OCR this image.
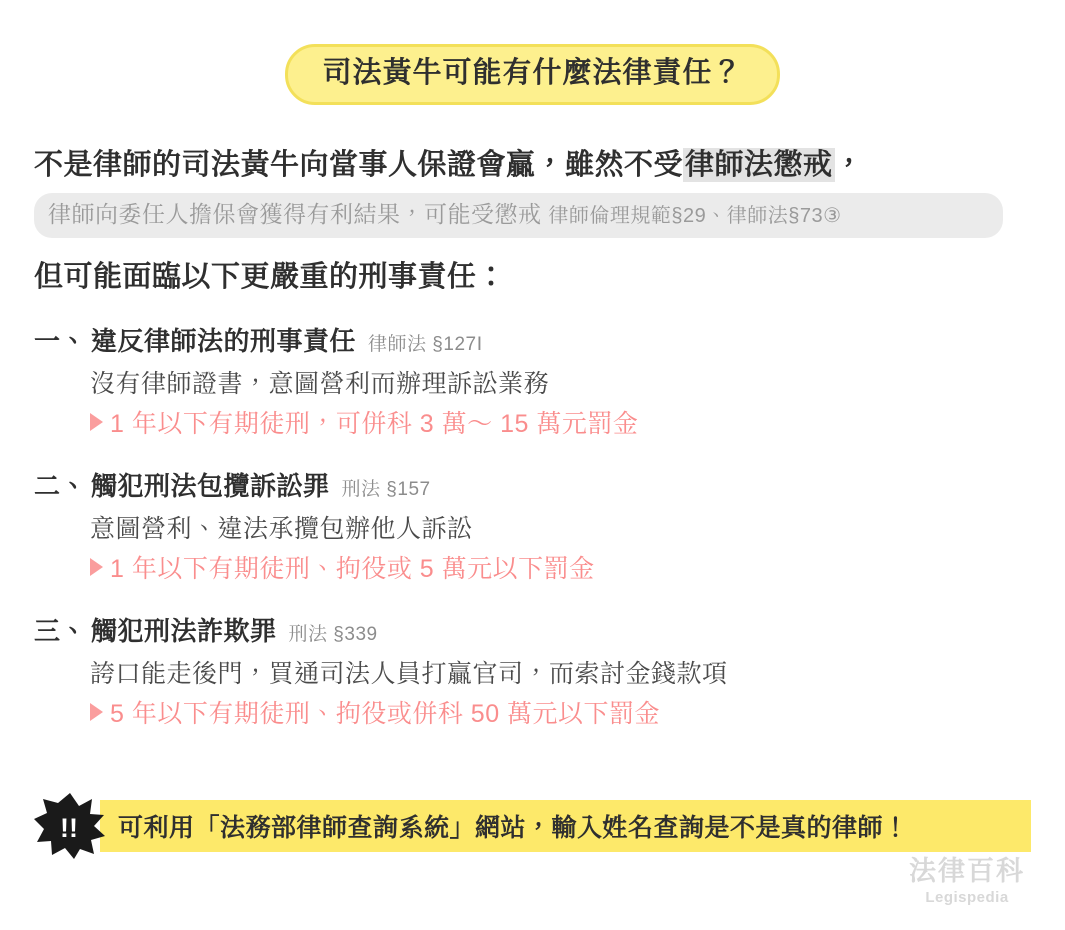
司法黃牛可能有什麼法律責任？
不是律師的司法黃牛向當事人保證會贏，雖然不受律師法懲戒，
律師向委任人擔保會獲得有利結果，可能受懲戒 律師倫理規範§29、律師法§73③
但可能面臨以下更嚴重的刑事責任：
一、 違反律師法的刑事責任 律師法 §127Ⅰ
沒有律師證書，意圖營利而辦理訴訟業務
1 年以下有期徒刑，可併科 3 萬～ 15 萬元罰金
二、 觸犯刑法包攬訴訟罪 刑法 §157
意圖營利、違法承攬包辦他人訴訟
1 年以下有期徒刑、拘役或 5 萬元以下罰金
三、 觸犯刑法詐欺罪 刑法 §339
誇口能走後門，買通司法人員打贏官司，而索討金錢款項
5 年以下有期徒刑、拘役或併科 50 萬元以下罰金
!!	可利用「法務部律師查詢系統」網站，輸入姓名查詢是不是真的律師！
法律百科
Legispedia
